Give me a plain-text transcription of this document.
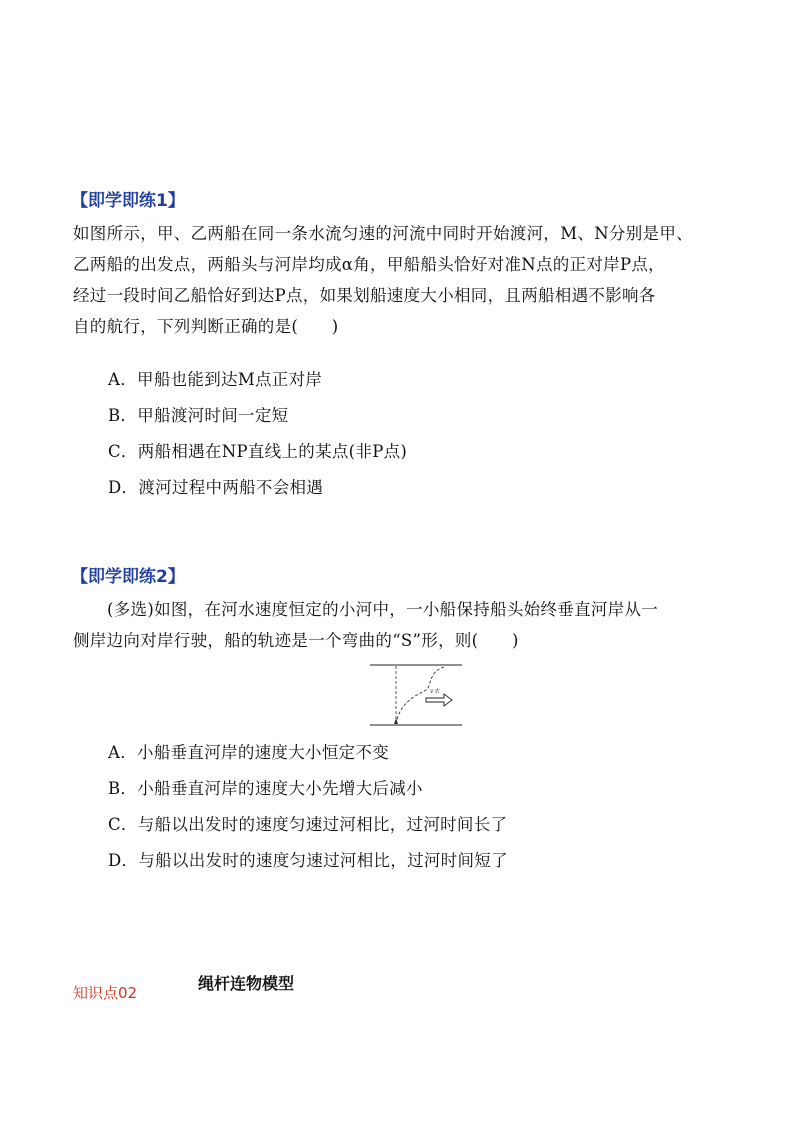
【即学即练1】

如图所示，甲、乙两船在同一条水流匀速的河流中同时开始渡河，M、N分别是甲、

乙两船的出发点，两船头与河岸均成α角，甲船船头恰好对准N点的正对岸P点，

经过一段时间乙船恰好到达P点，如果划船速度大小相同，且两船相遇不影响各

自的航行，下列判断正确的是(　　)

A．甲船也能到达M点正对岸
B．甲船渡河时间一定短
C．两船相遇在NP直线上的某点(非P点)
D．渡河过程中两船不会相遇
【即学即练2】

(多选)如图，在河水速度恒定的小河中，一小船保持船头始终垂直河岸从一

侧岸边向对岸行驶，船的轨迹是一个弯曲的“S”形，则(　　)

v水
A．小船垂直河岸的速度大小恒定不变
B．小船垂直河岸的速度大小先增大后减小
C．与船以出发时的速度匀速过河相比，过河时间长了
D．与船以出发时的速度匀速过河相比，过河时间短了
知识点02	绳杆连物模型
